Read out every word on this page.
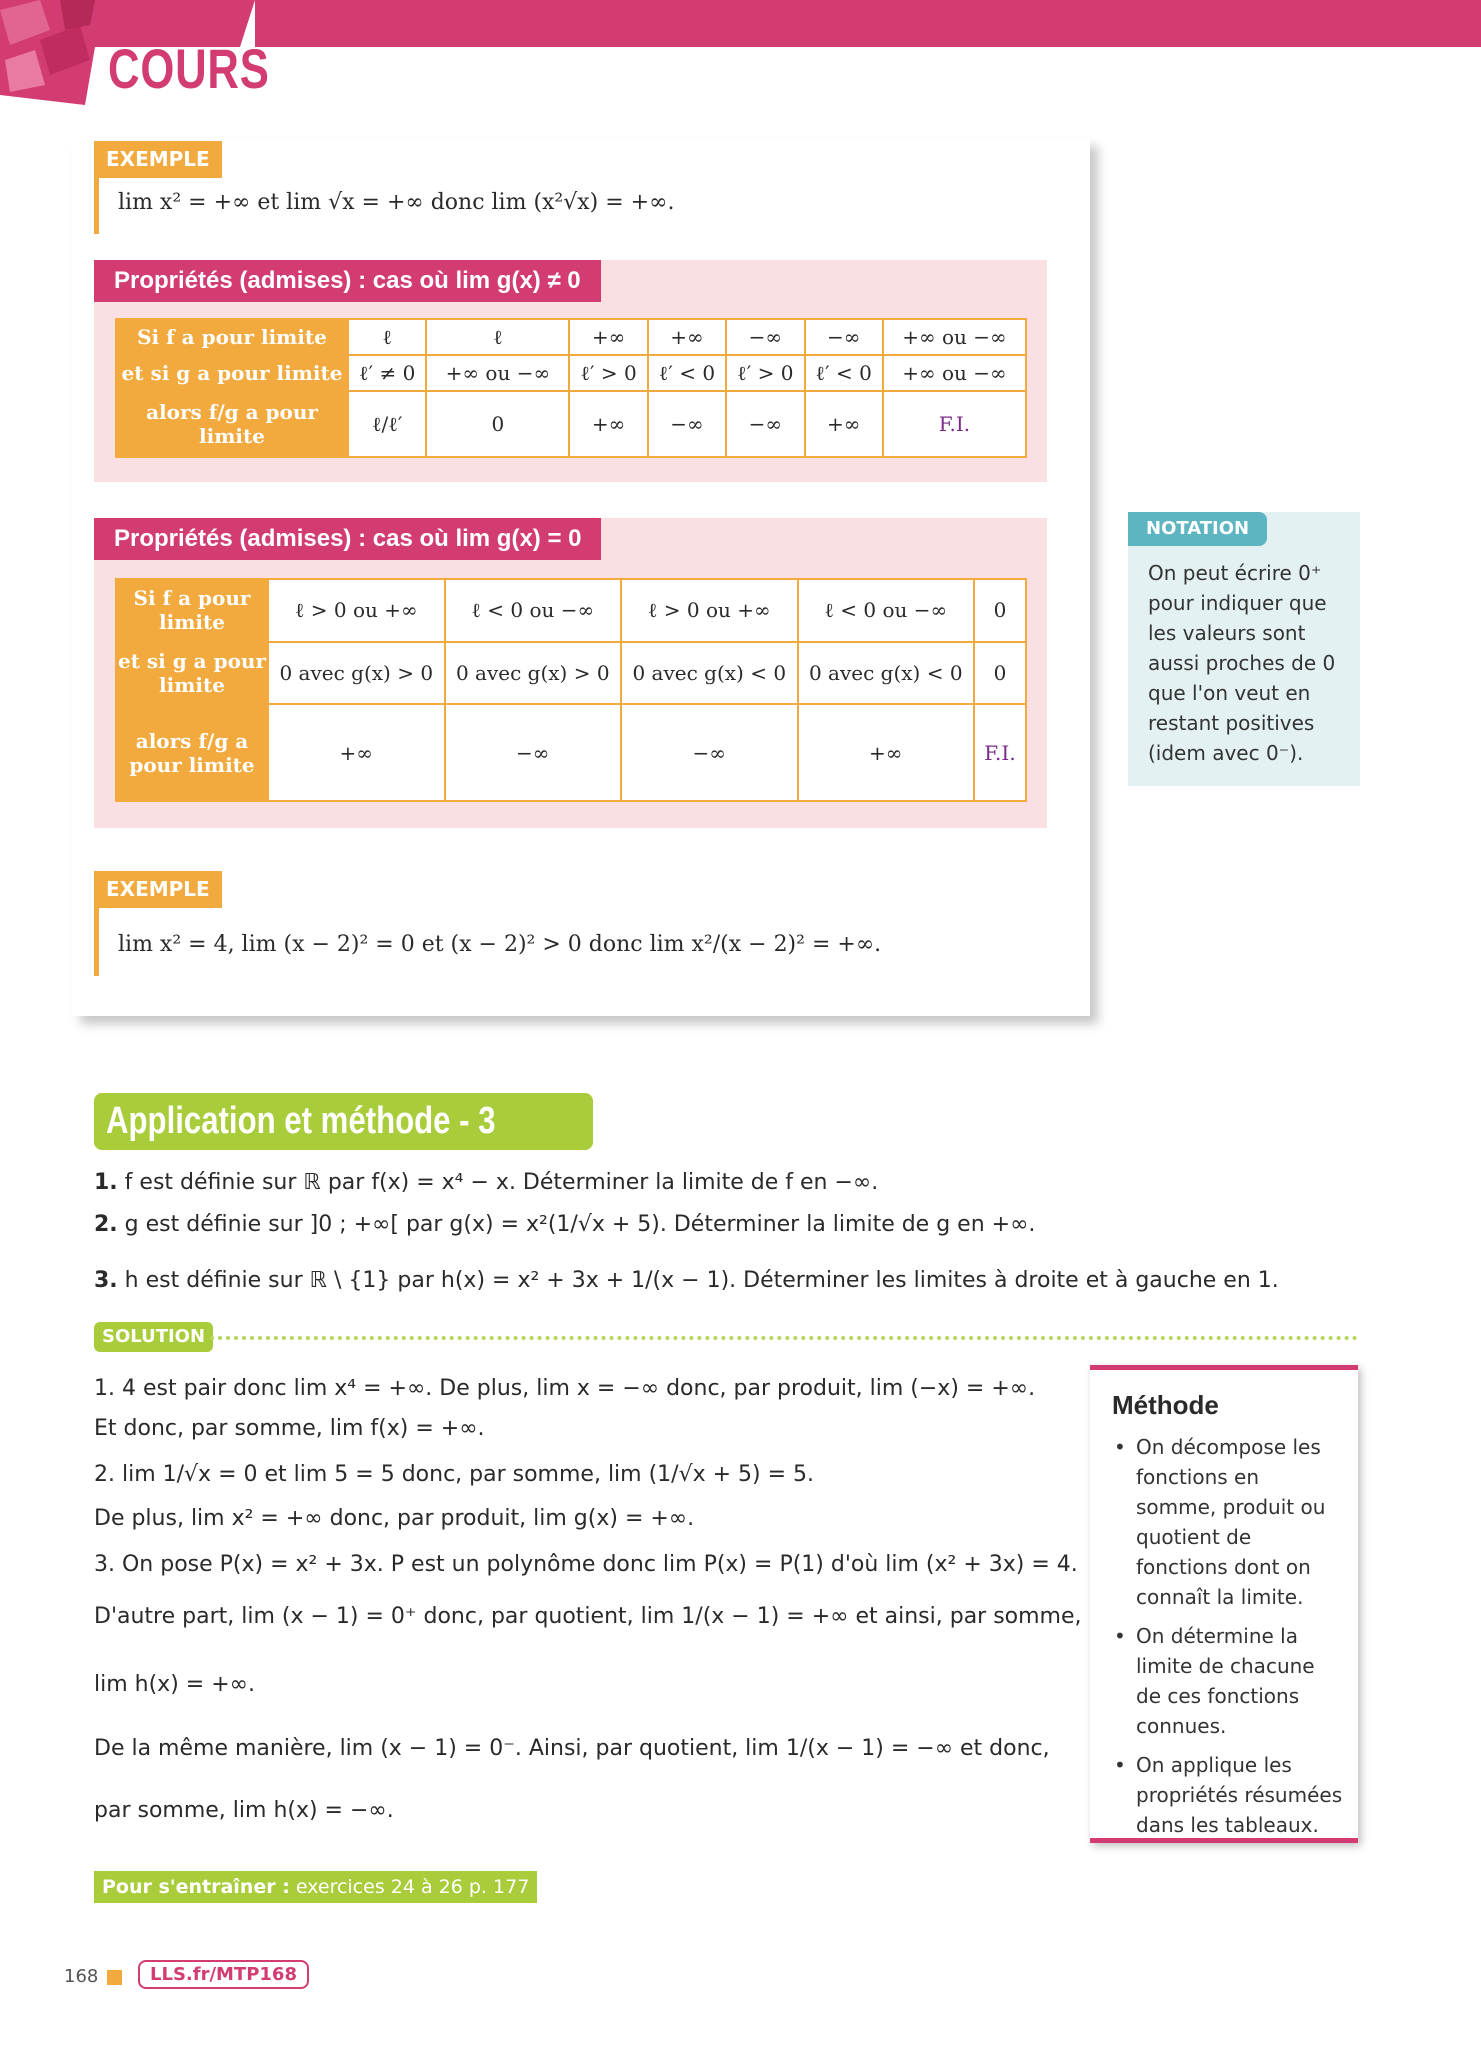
COURS
EXEMPLE
lim x² = +∞ et lim √x = +∞ donc lim (x²√x) = +∞.
Propriétés (admises) : cas où lim g(x) ≠ 0
Si f a pour limite	ℓ	ℓ	+∞	+∞	−∞	−∞	+∞ ou −∞
et si g a pour limite	ℓ′ ≠ 0	+∞ ou −∞	ℓ′ > 0	ℓ′ < 0	ℓ′ > 0	ℓ′ < 0	+∞ ou −∞
alors f/g a pour limite	ℓ/ℓ′	0	+∞	−∞	−∞	+∞	F.I.
Propriétés (admises) : cas où lim g(x) = 0
Si f a pour limite	ℓ > 0 ou +∞	ℓ < 0 ou −∞	ℓ > 0 ou +∞	ℓ < 0 ou −∞	0
et si g a pour limite	0 avec g(x) > 0	0 avec g(x) > 0	0 avec g(x) < 0	0 avec g(x) < 0	0
alors f/g a pour limite	+∞	−∞	−∞	+∞	F.I.
NOTATION
On peut écrire 0⁺ pour indiquer que les valeurs sont aussi proches de 0 que l'on veut en restant positives (idem avec 0⁻).
EXEMPLE
lim x² = 4, lim (x − 2)² = 0 et (x − 2)² > 0 donc lim x²/(x − 2)² = +∞.
Application et méthode - 3
1. f est définie sur ℝ par f(x) = x⁴ − x. Déterminer la limite de f en −∞.
2. g est définie sur ]0 ; +∞[ par g(x) = x²(1/√x + 5). Déterminer la limite de g en +∞.
3. h est définie sur ℝ \ {1} par h(x) = x² + 3x + 1/(x − 1). Déterminer les limites à droite et à gauche en 1.
SOLUTION
1. 4 est pair donc lim x⁴ = +∞. De plus, lim x = −∞ donc, par produit, lim (−x) = +∞.
Et donc, par somme, lim f(x) = +∞.
2. lim 1/√x = 0 et lim 5 = 5 donc, par somme, lim (1/√x + 5) = 5.
De plus, lim x² = +∞ donc, par produit, lim g(x) = +∞.
3. On pose P(x) = x² + 3x. P est un polynôme donc lim P(x) = P(1) d'où lim (x² + 3x) = 4.
D'autre part, lim (x − 1) = 0⁺ donc, par quotient, lim 1/(x − 1) = +∞ et ainsi, par somme,
lim h(x) = +∞.
De la même manière, lim (x − 1) = 0⁻. Ainsi, par quotient, lim 1/(x − 1) = −∞ et donc,
par somme, lim h(x) = −∞.
Méthode
• On décompose les fonctions en somme, produit ou quotient de fonctions dont on connaît la limite.
• On détermine la limite de chacune de ces fonctions connues.
• On applique les propriétés résumées dans les tableaux.
Pour s'entraîner : exercices 24 à 26 p. 177
168	LLS.fr/MTP168
